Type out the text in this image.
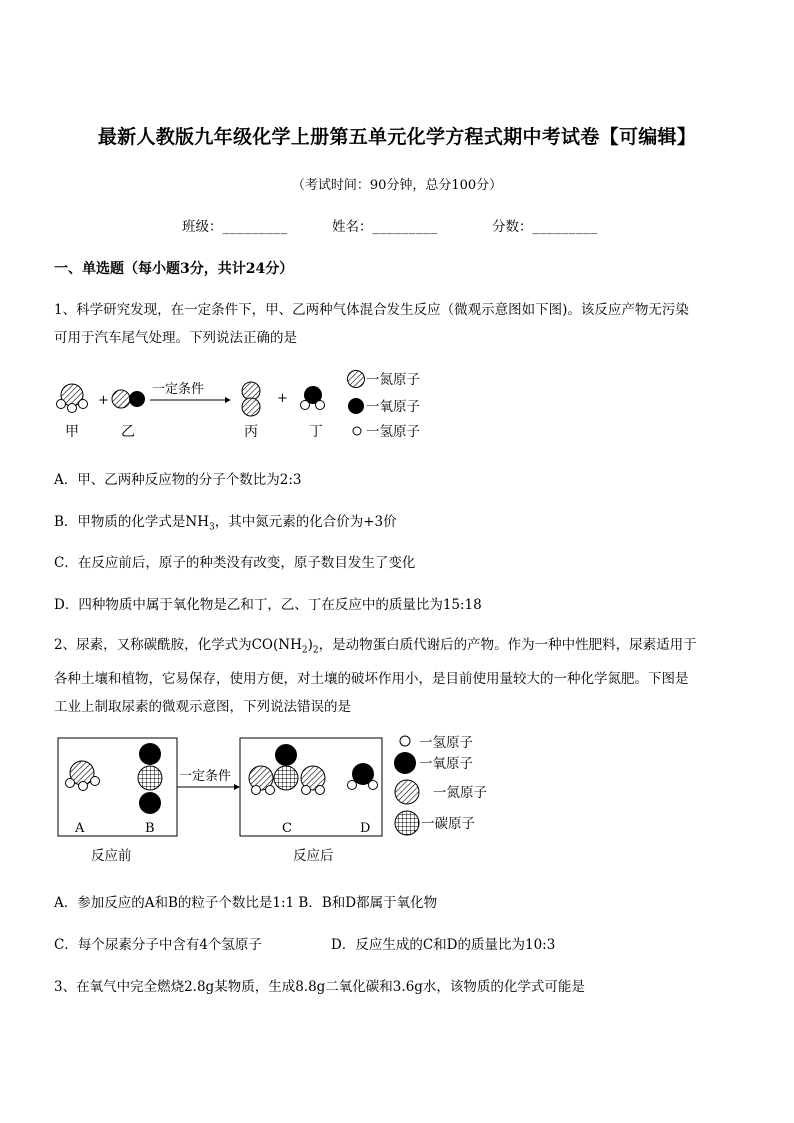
最新人教版九年级化学上册第五单元化学方程式期中考试卷【可编辑】
（考试时间：90分钟，总分100分）
班级：_________	姓名：_________	分数：_________
一、单选题（每小题3分，共计24分）
1、科学研究发现，在一定条件下，甲、乙两种气体混合发生反应（微观示意图如下图)。该反应产物无污染
可用于汽车尾气处理。下列说法正确的是
+
一定条件
+
甲	乙	丙	丁
一氮原子
一氧原子
一氢原子
A．甲、乙两种反应物的分子个数比为2:3
B．甲物质的化学式是$NH_3$，其中氮元素的化合价为+3价
C．在反应前后，原子的种类没有改变，原子数目发生了变化
D．四种物质中属于氧化物是乙和丁，乙、丁在反应中的质量比为15:18
2、尿素，又称碳酰胺，化学式为$CO(NH_2)_2$，是动物蛋白质代谢后的产物。作为一种中性肥料，尿素适用于
各种土壤和植物，它易保存，使用方便，对土壤的破坏作用小，是目前使用量较大的一种化学氮肥。下图是
工业上制取尿素的微观示意图，下列说法错误的是
A	B
一定条件
C	D
反应前	反应后
一氢原子
一氧原子
一氮原子
一碳原子
A．参加反应的A和B的粒子个数比是1:1 B．B和D都属于氧化物
C．每个尿素分子中含有4个氢原子	D．反应生成的C和D的质量比为10:3
3、在氧气中完全燃烧2.8g某物质，生成8.8g二氧化碳和3.6g水，该物质的化学式可能是
